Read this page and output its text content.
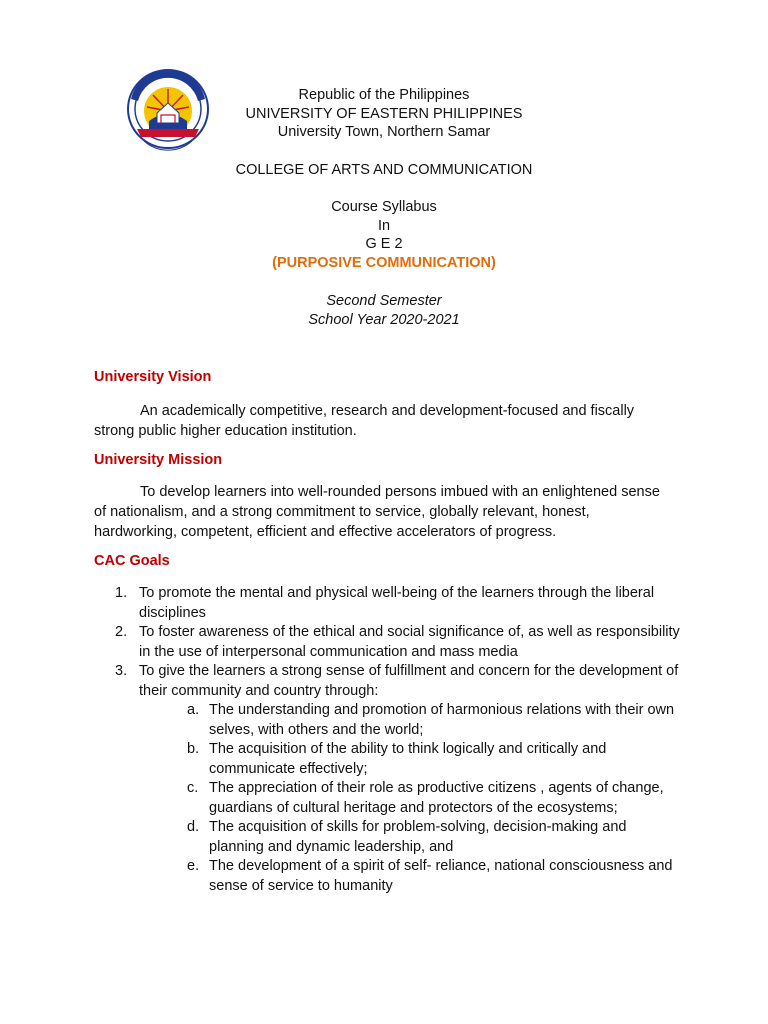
Republic of the Philippines
UNIVERSITY OF EASTERN PHILIPPINES
University Town, Northern Samar
COLLEGE OF ARTS AND COMMUNICATION
Course Syllabus
In
G E 2
(PURPOSIVE COMMUNICATION)
Second Semester
School Year 2020-2021
University Vision
An academically competitive, research and development-focused and fiscally strong public higher education institution.
University Mission
To develop learners into well-rounded persons imbued with an enlightened sense of nationalism, and a strong commitment to service, globally relevant, honest, hardworking, competent, efficient and effective accelerators of progress.
CAC Goals
1. To promote the mental and physical well-being of the learners through the liberal disciplines
2. To foster awareness of the ethical and social significance of, as well as responsibility in the use of interpersonal communication and mass media
3. To give the learners a strong sense of fulfillment and concern for the development of their community and country through:
a. The understanding and promotion of harmonious relations with their own selves, with others and the world;
b. The acquisition of the ability to think logically and critically and communicate effectively;
c. The appreciation of their role as productive citizens , agents of change, guardians of cultural heritage and protectors of the ecosystems;
d. The acquisition of skills for problem-solving, decision-making and planning and dynamic leadership, and
e. The development of a spirit of self- reliance, national consciousness and sense of service to humanity
